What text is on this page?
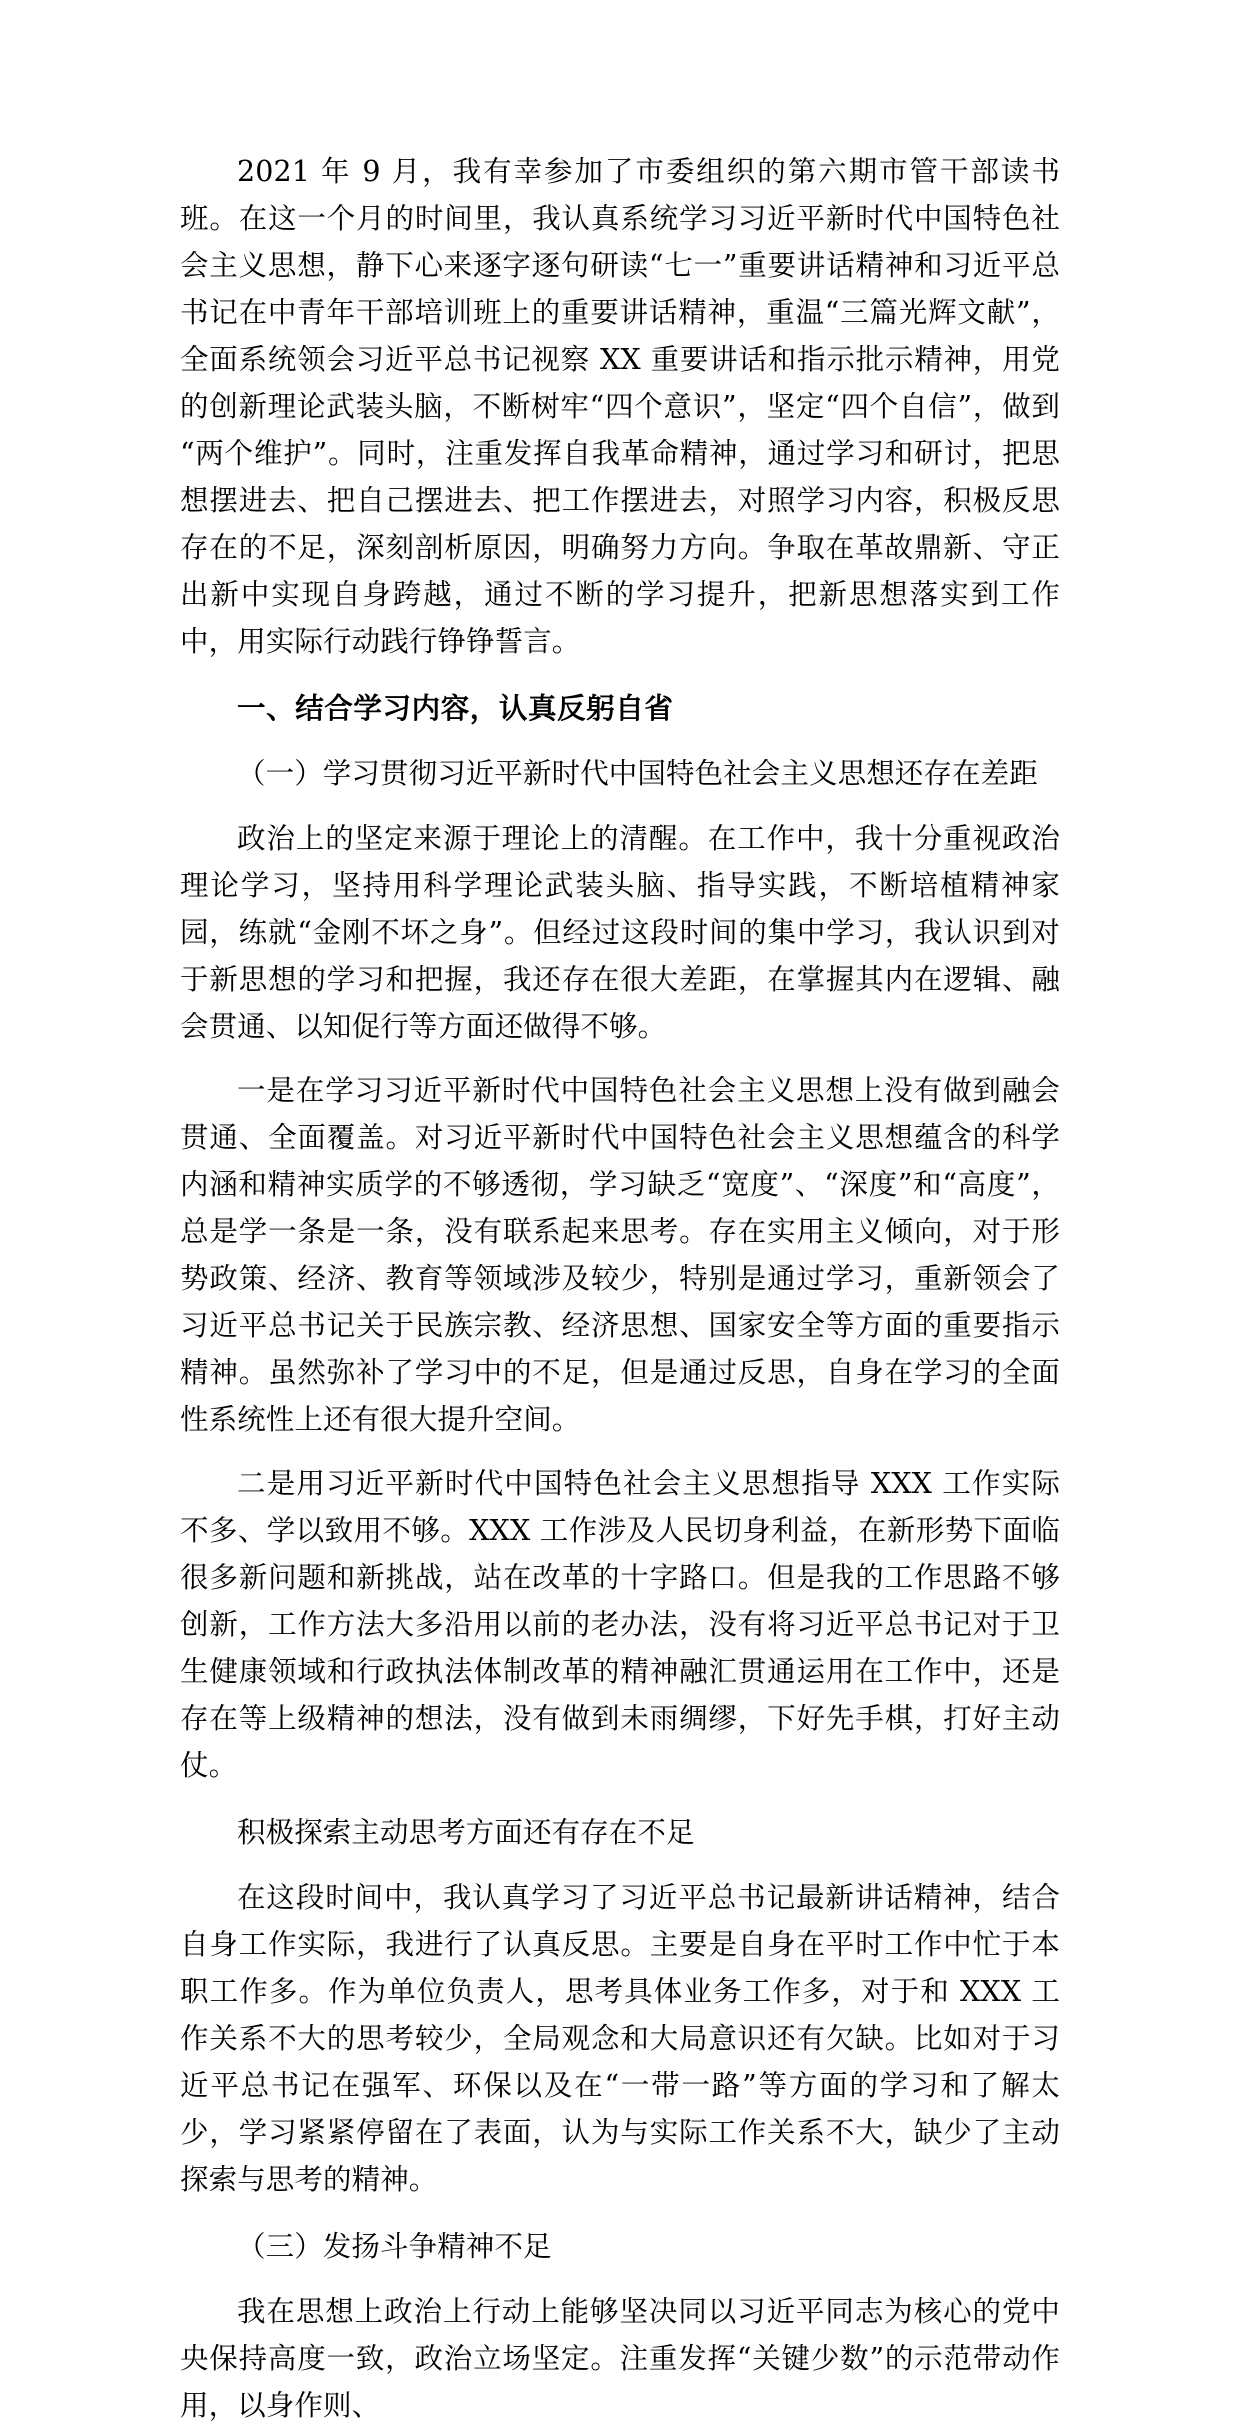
2021 年 9 月，我有幸参加了市委组织的第六期市管干部读书班。在这一个月的时间里，我认真系统学习习近平新时代中国特色社会主义思想，静下心来逐字逐句研读“七一”重要讲话精神和习近平总书记在中青年干部培训班上的重要讲话精神，重温“三篇光辉文献”，全面系统领会习近平总书记视察 XX 重要讲话和指示批示精神，用党的创新理论武装头脑，不断树牢“四个意识”，坚定“四个自信”，做到“两个维护”。同时，注重发挥自我革命精神，通过学习和研讨，把思想摆进去、把自己摆进去、把工作摆进去，对照学习内容，积极反思存在的不足，深刻剖析原因，明确努力方向。争取在革故鼎新、守正出新中实现自身跨越，通过不断的学习提升，把新思想落实到工作中，用实际行动践行铮铮誓言。

一、结合学习内容，认真反躬自省

（一）学习贯彻习近平新时代中国特色社会主义思想还存在差距

政治上的坚定来源于理论上的清醒。在工作中，我十分重视政治理论学习，坚持用科学理论武装头脑、指导实践，不断培植精神家园，练就“金刚不坏之身”。但经过这段时间的集中学习，我认识到对于新思想的学习和把握，我还存在很大差距，在掌握其内在逻辑、融会贯通、以知促行等方面还做得不够。

一是在学习习近平新时代中国特色社会主义思想上没有做到融会贯通、全面覆盖。对习近平新时代中国特色社会主义思想蕴含的科学内涵和精神实质学的不够透彻，学习缺乏“宽度”、“深度”和“高度”，总是学一条是一条，没有联系起来思考。存在实用主义倾向，对于形势政策、经济、教育等领域涉及较少，特别是通过学习，重新领会了习近平总书记关于民族宗教、经济思想、国家安全等方面的重要指示精神。虽然弥补了学习中的不足，但是通过反思，自身在学习的全面性系统性上还有很大提升空间。

二是用习近平新时代中国特色社会主义思想指导 XXX 工作实际不多、学以致用不够。XXX 工作涉及人民切身利益，在新形势下面临很多新问题和新挑战，站在改革的十字路口。但是我的工作思路不够创新，工作方法大多沿用以前的老办法，没有将习近平总书记对于卫生健康领域和行政执法体制改革的精神融汇贯通运用在工作中，还是存在等上级精神的想法，没有做到未雨绸缪，下好先手棋，打好主动仗。

积极探索主动思考方面还有存在不足

在这段时间中，我认真学习了习近平总书记最新讲话精神，结合自身工作实际，我进行了认真反思。主要是自身在平时工作中忙于本职工作多。作为单位负责人，思考具体业务工作多，对于和 XXX 工作关系不大的思考较少，全局观念和大局意识还有欠缺。比如对于习近平总书记在强军、环保以及在“一带一路”等方面的学习和了解太少，学习紧紧停留在了表面，认为与实际工作关系不大，缺少了主动探索与思考的精神。

（三）发扬斗争精神不足

我在思想上政治上行动上能够坚决同以习近平同志为核心的党中央保持高度一致，政治立场坚定。注重发挥“关键少数”的示范带动作用，以身作则、
